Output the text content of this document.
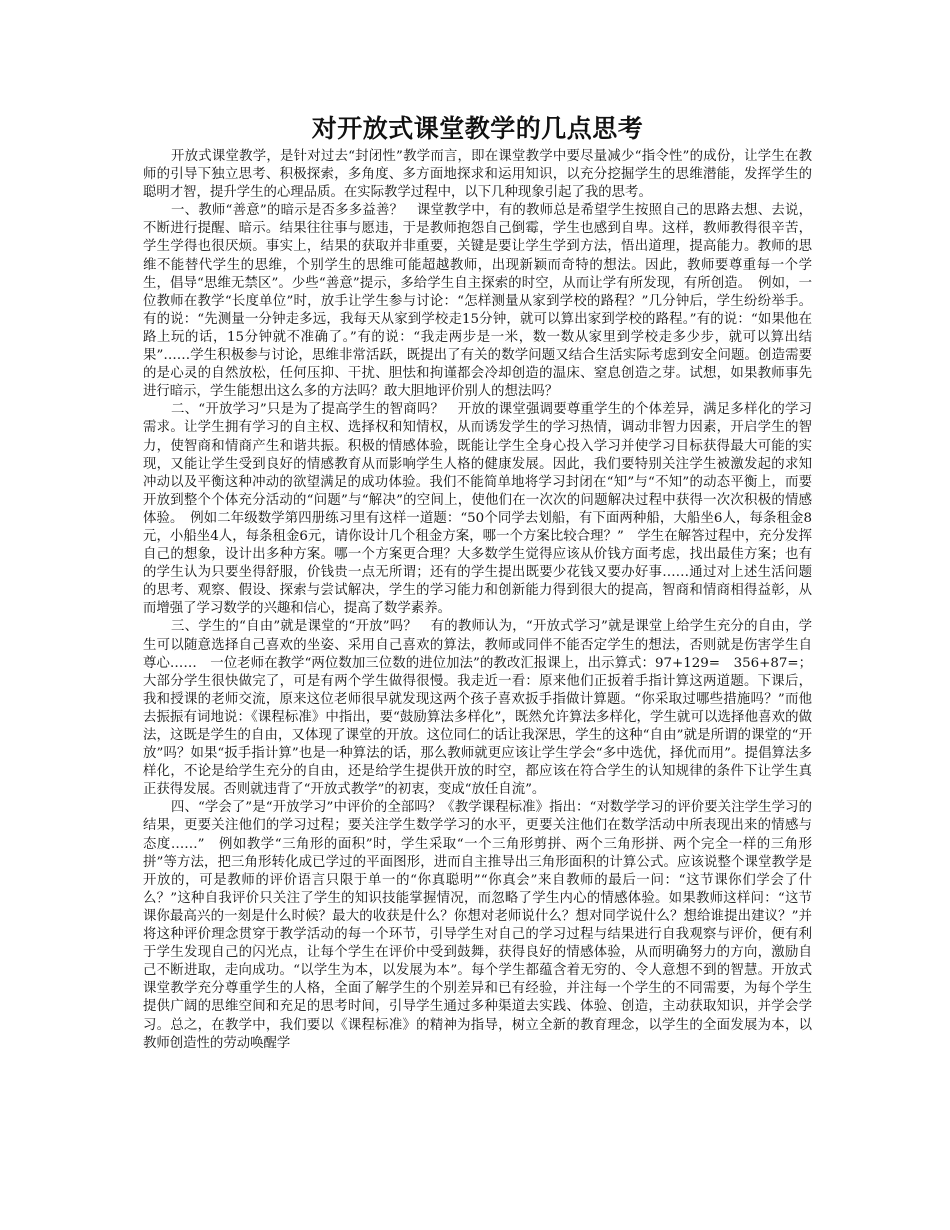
对开放式课堂教学的几点思考

开放式课堂教学，是针对过去“封闭性”教学而言，即在课堂教学中要尽量减少“指令性”的成份，让学生在教师的引导下独立思考、积极探索，多角度、多方面地探求和运用知识，以充分挖掘学生的思维潜能，发挥学生的聪明才智，提升学生的心理品质。在实际教学过程中，以下几种现象引起了我的思考。

一、教师“善意”的暗示是否多多益善？　课堂教学中，有的教师总是希望学生按照自己的思路去想、去说，不断进行提醒、暗示。结果往往事与愿违，于是教师抱怨自己倒霉，学生也感到自卑。这样，教师教得很辛苦，学生学得也很厌烦。事实上，结果的获取并非重要，关键是要让学生学到方法，悟出道理，提高能力。教师的思维不能替代学生的思维，个别学生的思维可能超越教师，出现新颖而奇特的想法。因此，教师要尊重每一个学生，倡导“思维无禁区”。少些“善意”提示，多给学生自主探索的时空，从而让学有所发现，有所创造。　例如，一位教师在教学“长度单位”时，放手让学生参与讨论：“怎样测量从家到学校的路程？”几分钟后，学生纷纷举手。有的说：“先测量一分钟走多远，我每天从家到学校走15分钟，就可以算出家到学校的路程。”有的说：“如果他在路上玩的话，15分钟就不准确了。”有的说：“我走两步是一米，数一数从家里到学校走多少步，就可以算出结果”……学生积极参与讨论，思维非常活跃，既提出了有关的数学问题又结合生活实际考虑到安全问题。创造需要的是心灵的自然放松，任何压抑、干扰、胆怯和拘谨都会冷却创造的温床、窒息创造之芽。试想，如果教师事先进行暗示，学生能想出这么多的方法吗？敢大胆地评价别人的想法吗？

二、“开放学习”只是为了提高学生的智商吗？　开放的课堂强调要尊重学生的个体差异，满足多样化的学习需求。让学生拥有学习的自主权、选择权和知情权，从而诱发学生的学习热情，调动非智力因素，开启学生的智力，使智商和情商产生和谐共振。积极的情感体验，既能让学生全身心投入学习并使学习目标获得最大可能的实现，又能让学生受到良好的情感教育从而影响学生人格的健康发展。因此，我们要特别关注学生被激发起的求知冲动以及平衡这种冲动的欲望满足的成功体验。我们不能简单地将学习封闭在“知”与“不知”的动态平衡上，而要开放到整个个体充分活动的“问题”与“解决”的空间上，使他们在一次次的问题解决过程中获得一次次积极的情感体验。　例如二年级数学第四册练习里有这样一道题：“50个同学去划船，有下面两种船，大船坐6人，每条租金8元，小船坐4人，每条租金6元，请你设计几个租金方案，哪一个方案比较合理？”　学生在解答过程中，充分发挥自己的想象，设计出多种方案。哪一个方案更合理？大多数学生觉得应该从价钱方面考虑，找出最佳方案；也有的学生认为只要坐得舒服，价钱贵一点无所谓；还有的学生提出既要少花钱又要办好事……通过对上述生活问题的思考、观察、假设、探索与尝试解决，学生的学习能力和创新能力得到很大的提高，智商和情商相得益彰，从而增强了学习数学的兴趣和信心，提高了数学素养。

三、学生的“自由”就是课堂的“开放”吗？　有的教师认为，“开放式学习”就是课堂上给学生充分的自由，学生可以随意选择自己喜欢的坐姿、采用自己喜欢的算法，教师或同伴不能否定学生的想法，否则就是伤害学生自尊心……　一位老师在教学“两位数加三位数的进位加法”的教改汇报课上，出示算式：97+129=　356+87=；大部分学生很快做完了，可是有两个学生做得很慢。我走近一看：原来他们正扳着手指计算这两道题。下课后，我和授课的老师交流，原来这位老师很早就发现这两个孩子喜欢扳手指做计算题。“你采取过哪些措施吗？”而他去振振有词地说：《课程标准》中指出，要“鼓励算法多样化”，既然允许算法多样化，学生就可以选择他喜欢的做法，这既是学生的自由，又体现了课堂的开放。这位同仁的话让我深思，学生的这种“自由”就是所谓的课堂的“开放”吗？如果“扳手指计算”也是一种算法的话，那么教师就更应该让学生学会“多中选优，择优而用”。提倡算法多样化，不论是给学生充分的自由，还是给学生提供开放的时空，都应该在符合学生的认知规律的条件下让学生真正获得发展。否则就违背了“开放式教学”的初衷，变成“放任自流”。

四、“学会了”是“开放学习”中评价的全部吗？《教学课程标准》指出：“对数学学习的评价要关注学生学习的结果，更要关注他们的学习过程；要关注学生数学学习的水平，更要关注他们在数学活动中所表现出来的情感与态度……”　例如教学“三角形的面积”时，学生采取“一个三角形剪拼、两个三角形拼、两个完全一样的三角形拼”等方法，把三角形转化成已学过的平面图形，进而自主推导出三角形面积的计算公式。应该说整个课堂教学是开放的，可是教师的评价语言只限于单一的“你真聪明”“你真会”来自教师的最后一问：“这节课你们学会了什么？”这种自我评价只关注了学生的知识技能掌握情况，而忽略了学生内心的情感体验。如果教师这样问：“这节课你最高兴的一刻是什么时候？最大的收获是什么？你想对老师说什么？想对同学说什么？想给谁提出建议？”并将这种评价理念贯穿于教学活动的每一个环节，引导学生对自己的学习过程与结果进行自我观察与评价，便有利于学生发现自己的闪光点，让每个学生在评价中受到鼓舞，获得良好的情感体验，从而明确努力的方向，激励自己不断进取，走向成功。“以学生为本，以发展为本”。每个学生都蕴含着无穷的、令人意想不到的智慧。开放式课堂教学充分尊重学生的人格，全面了解学生的个别差异和已有经验，并注每一个学生的不同需要，为每个学生提供广阔的思维空间和充足的思考时间，引导学生通过多种渠道去实践、体验、创造，主动获取知识，并学会学习。总之，在教学中，我们要以《课程标准》的精神为指导，树立全新的教育理念，以学生的全面发展为本，以教师创造性的劳动唤醒学
